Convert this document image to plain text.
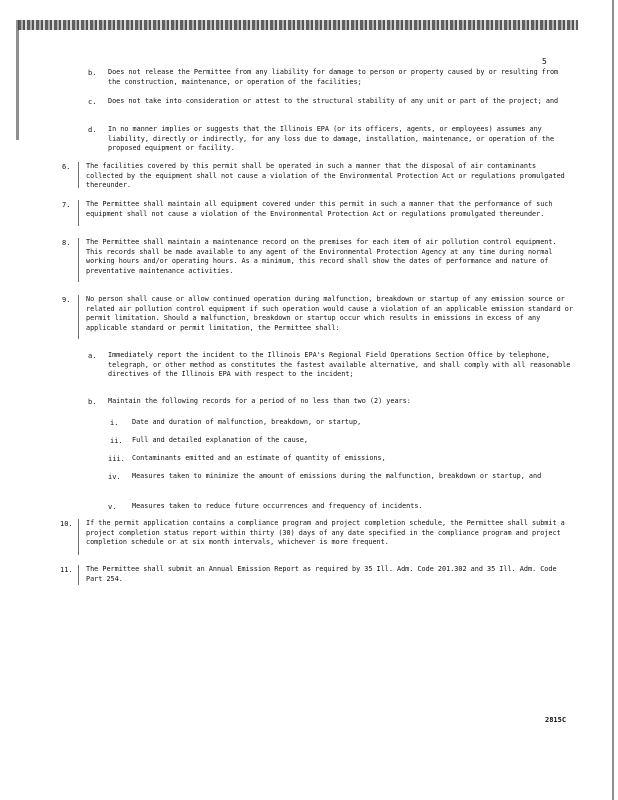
5
b. Does not release the Permittee from any liability for damage to person or property caused by or resulting from the construction, maintenance, or operation of the facilities;
c. Does not take into consideration or attest to the structural stability of any unit or part of the project; and
d. In no manner implies or suggests that the Illinois EPA (or its officers, agents, or employees) assumes any liability, directly or indirectly, for any loss due to damage, installation, maintenance, or operation of the proposed equipment or facility.
6. The facilities covered by this permit shall be operated in such a manner that the disposal of air contaminants collected by the equipment shall not cause a violation of the Environmental Protection Act or regulations promulgated thereunder.
7. The Permittee shall maintain all equipment covered under this permit in such a manner that the performance of such equipment shall not cause a violation of the Environmental Protection Act or regulations promulgated thereunder.
8. The Permittee shall maintain a maintenance record on the premises for each item of air pollution control equipment. This records shall be made available to any agent of the Environmental Protection Agency at any time during normal working hours and/or operating hours. As a minimum, this record shall show the dates of performance and nature of preventative maintenance activities.
9. No person shall cause or allow continued operation during malfunction, breakdown or startup of any emission source or related air pollution control equipment if such operation would cause a violation of an applicable emission standard or permit limitation. Should a malfunction, breakdown or startup occur which results in emissions in excess of any applicable standard or permit limitation, the Permittee shall:
a. Immediately report the incident to the Illinois EPA's Regional Field Operations Section Office by telephone, telegraph, or other method as constitutes the fastest available alternative, and shall comply with all reasonable directives of the Illinois EPA with respect to the incident;
b. Maintain the following records for a period of no less than two (2) years:
i. Date and duration of malfunction, breakdown, or startup,
ii. Full and detailed explanation of the cause,
iii. Contaminants emitted and an estimate of quantity of emissions,
iv. Measures taken to minimize the amount of emissions during the malfunction, breakdown or startup, and
v. Measures taken to reduce future occurrences and frequency of incidents.
10. If the permit application contains a compliance program and project completion schedule, the Permittee shall submit a project completion status report within thirty (30) days of any date specified in the compliance program and project completion schedule or at six month intervals, whichever is more frequent.
11. The Permittee shall submit an Annual Emission Report as required by 35 Ill. Adm. Code 201.302 and 35 Ill. Adm. Code Part 254.
2815C
